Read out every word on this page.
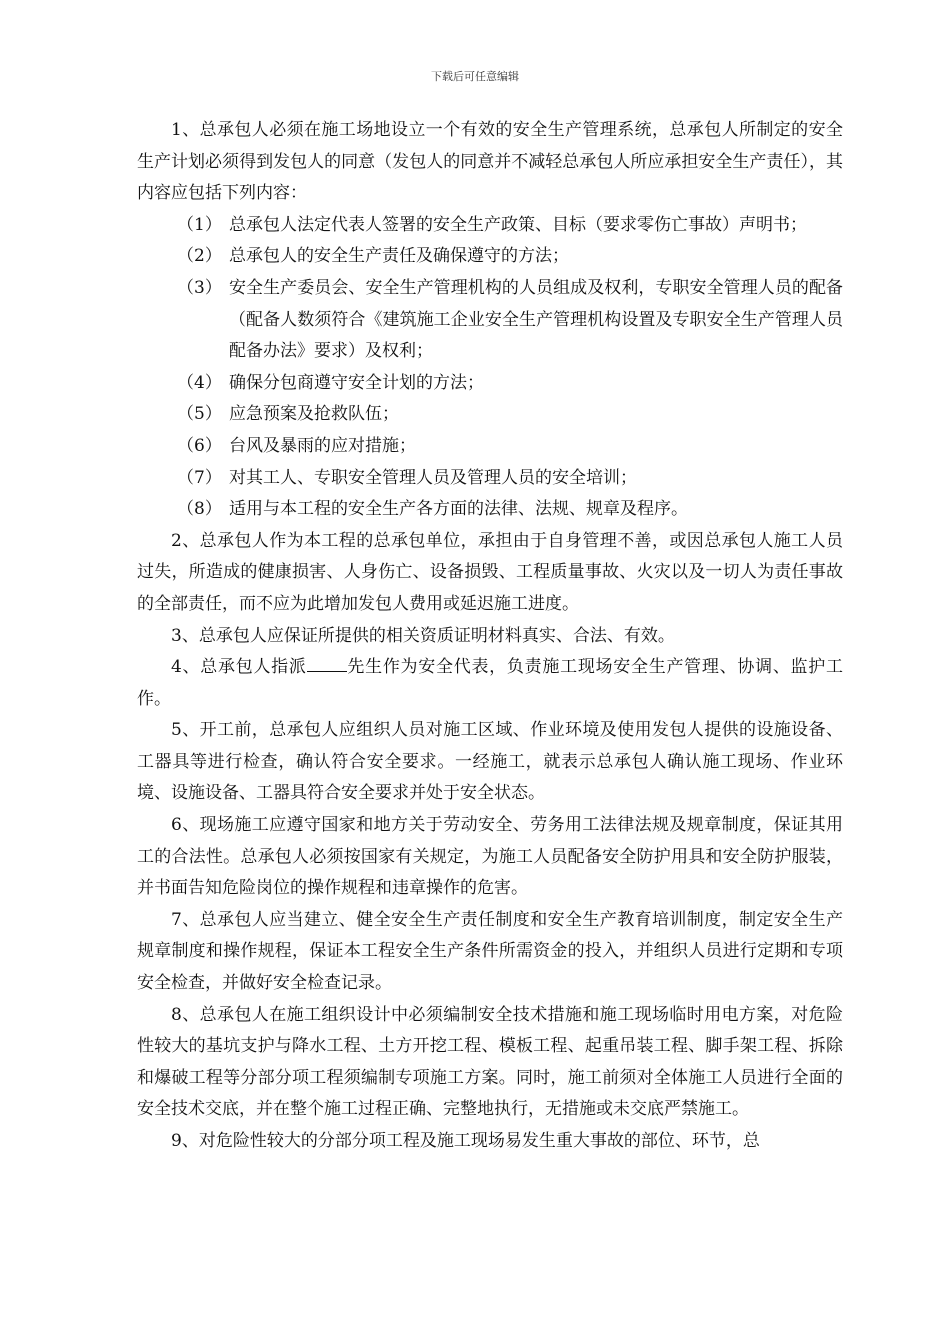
下载后可任意编辑

1、总承包人必须在施工场地设立一个有效的安全生产管理系统，总承包人所制定的安全生产计划必须得到发包人的同意（发包人的同意并不减轻总承包人所应承担安全生产责任），其内容应包括下列内容：

（1） 总承包人法定代表人签署的安全生产政策、目标（要求零伤亡事故）声明书；
（2） 总承包人的安全生产责任及确保遵守的方法；
（3） 安全生产委员会、安全生产管理机构的人员组成及权利，专职安全管理人员的配备（配备人数须符合《建筑施工企业安全生产管理机构设置及专职安全生产管理人员配备办法》要求）及权利；
（4） 确保分包商遵守安全计划的方法；
（5） 应急预案及抢救队伍；
（6） 台风及暴雨的应对措施；
（7） 对其工人、专职安全管理人员及管理人员的安全培训；
（8） 适用与本工程的安全生产各方面的法律、法规、规章及程序。

2、总承包人作为本工程的总承包单位，承担由于自身管理不善，或因总承包人施工人员过失，所造成的健康损害、人身伤亡、设备损毁、工程质量事故、火灾以及一切人为责任事故的全部责任，而不应为此增加发包人费用或延迟施工进度。

3、总承包人应保证所提供的相关资质证明材料真实、合法、有效。

4、总承包人指派 先生作为安全代表，负责施工现场安全生产管理、协调、监护工作。

5、开工前，总承包人应组织人员对施工区域、作业环境及使用发包人提供的设施设备、工器具等进行检查，确认符合安全要求。一经施工，就表示总承包人确认施工现场、作业环境、设施设备、工器具符合安全要求并处于安全状态。

6、现场施工应遵守国家和地方关于劳动安全、劳务用工法律法规及规章制度，保证其用工的合法性。总承包人必须按国家有关规定，为施工人员配备安全防护用具和安全防护服装，并书面告知危险岗位的操作规程和违章操作的危害。

7、总承包人应当建立、健全安全生产责任制度和安全生产教育培训制度，制定安全生产规章制度和操作规程，保证本工程安全生产条件所需资金的投入，并组织人员进行定期和专项安全检查，并做好安全检查记录。

8、总承包人在施工组织设计中必须编制安全技术措施和施工现场临时用电方案，对危险性较大的基坑支护与降水工程、土方开挖工程、模板工程、起重吊装工程、脚手架工程、拆除和爆破工程等分部分项工程须编制专项施工方案。同时，施工前须对全体施工人员进行全面的安全技术交底，并在整个施工过程正确、完整地执行，无措施或未交底严禁施工。

9、对危险性较大的分部分项工程及施工现场易发生重大事故的部位、环节，总
